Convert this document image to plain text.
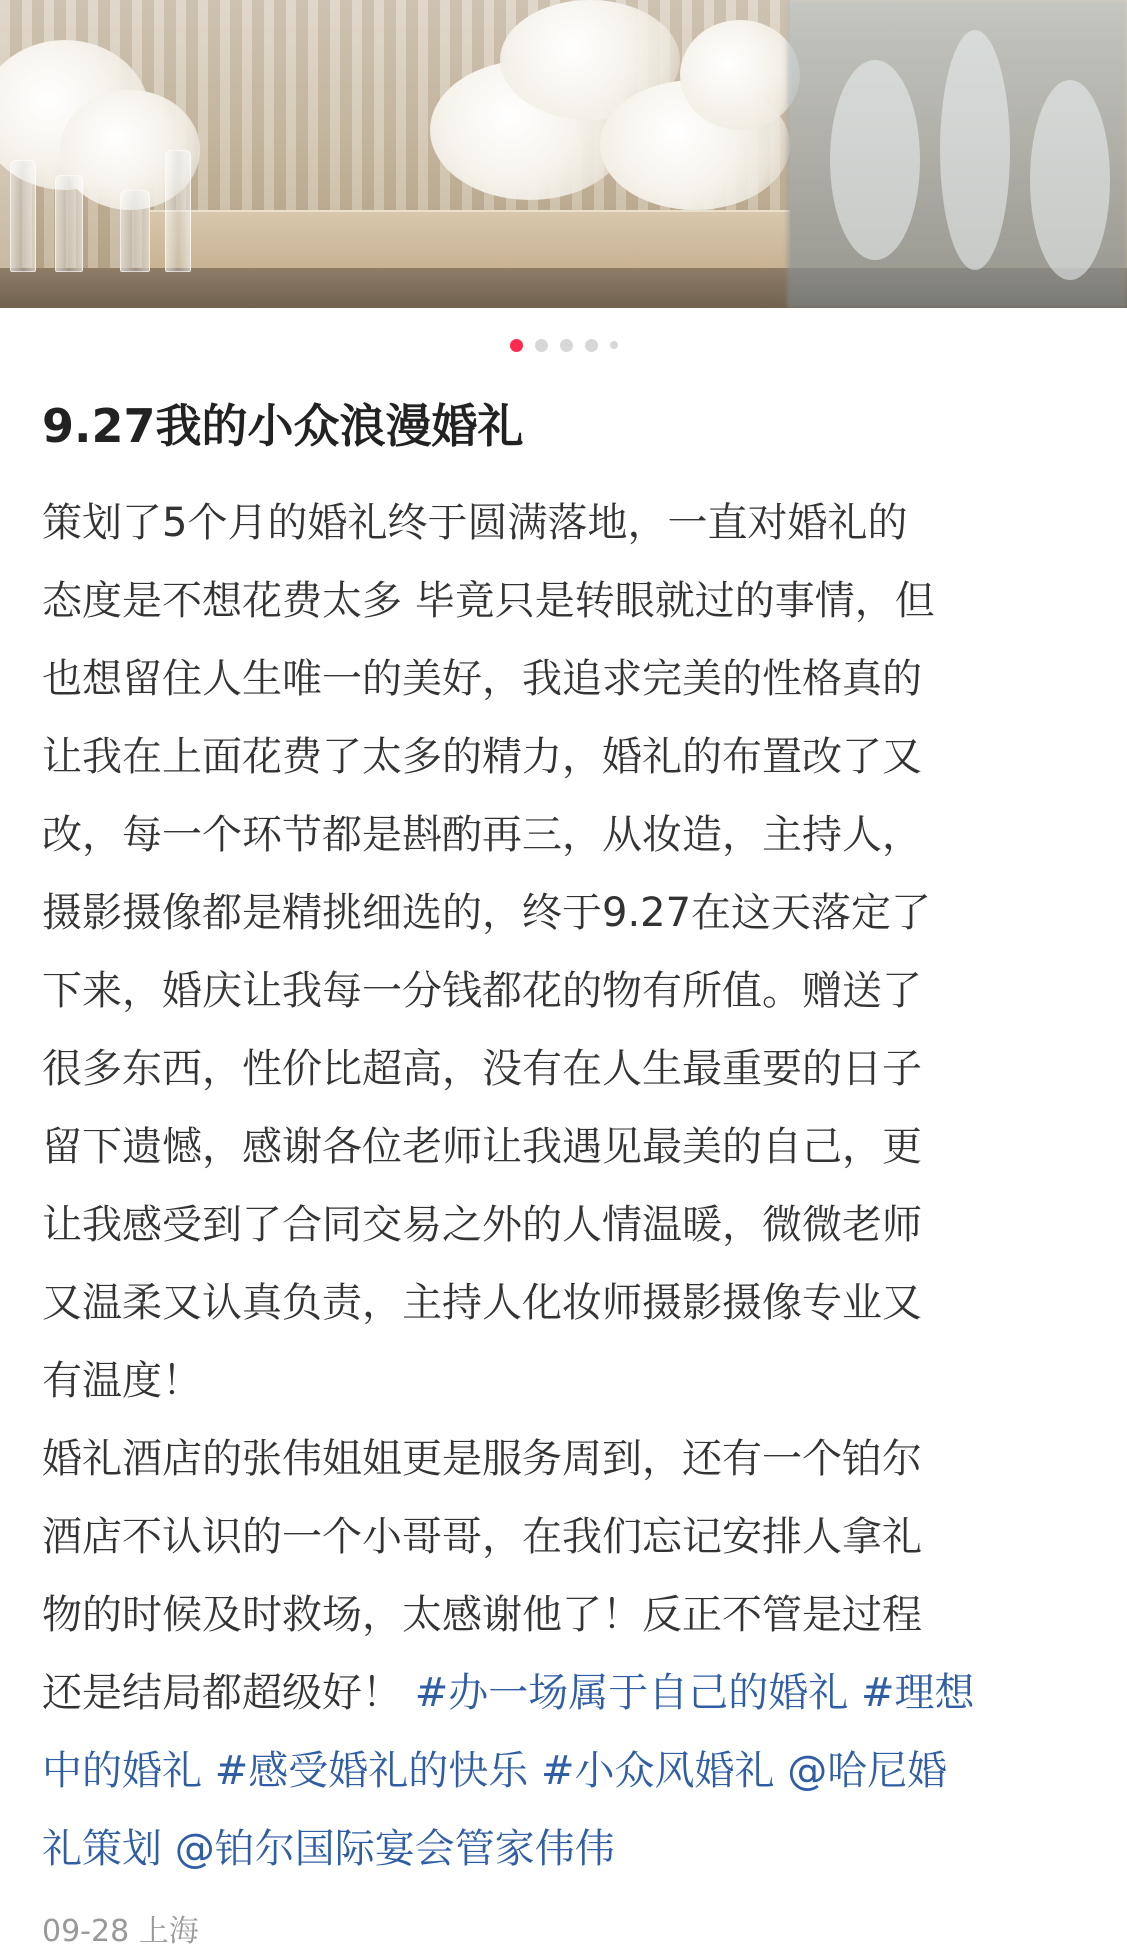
9.27我的小众浪漫婚礼
策划了5个月的婚礼终于圆满落地，一直对婚礼的
态度是不想花费太多 毕竟只是转眼就过的事情，但
也想留住人生唯一的美好，我追求完美的性格真的
让我在上面花费了太多的精力，婚礼的布置改了又
改，每一个环节都是斟酌再三，从妆造，主持人，
摄影摄像都是精挑细选的，终于9.27在这天落定了
下来，婚庆让我每一分钱都花的物有所值。赠送了
很多东西，性价比超高，没有在人生最重要的日子
留下遗憾，感谢各位老师让我遇见最美的自己，更
让我感受到了合同交易之外的人情温暖，微微老师
又温柔又认真负责，主持人化妆师摄影摄像专业又
有温度！
婚礼酒店的张伟姐姐更是服务周到，还有一个铂尔
酒店不认识的一个小哥哥，在我们忘记安排人拿礼
物的时候及时救场，太感谢他了！反正不管是过程
还是结局都超级好！ #办一场属于自己的婚礼 #理想
中的婚礼 #感受婚礼的快乐 #小众风婚礼 @哈尼婚
礼策划 @铂尔国际宴会管家伟伟
09-28 上海
